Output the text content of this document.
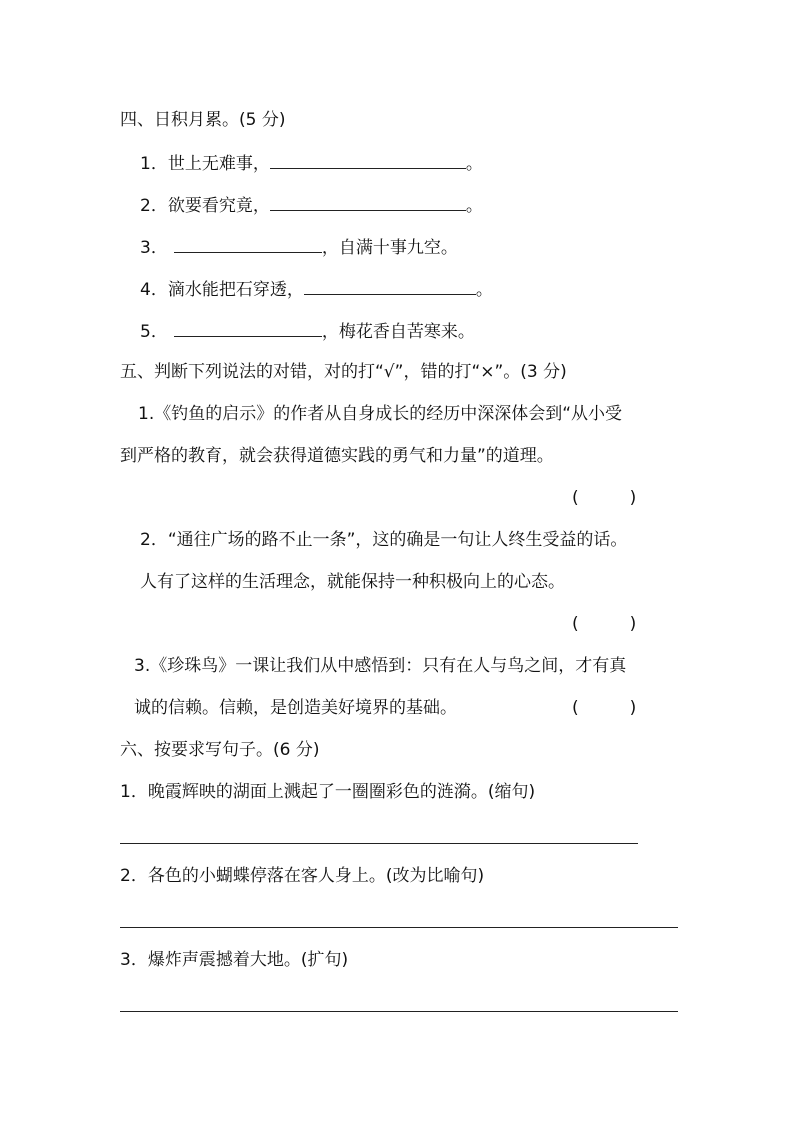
四、日积月累。(5 分)
1．世上无难事，	。
2．欲要看究竟，	。
3．	，自满十事九空。
4．滴水能把石穿透，	。
5．	，梅花香自苦寒来。
五、判断下列说法的对错，对的打“√”，错的打“×”。(3 分)
1.《钓鱼的启示》的作者从自身成长的经历中深深体会到“从小受
到严格的教育，就会获得道德实践的勇气和力量”的道理。
(　　　)
2．“通往广场的路不止一条”，这的确是一句让人终生受益的话。
人有了这样的生活理念，就能保持一种积极向上的心态。
(　　　)
3.《珍珠鸟》一课让我们从中感悟到：只有在人与鸟之间，才有真
诚的信赖。信赖，是创造美好境界的基础。	(　　　)
六、按要求写句子。(6 分)
1．晚霞辉映的湖面上溅起了一圈圈彩色的涟漪。(缩句)
2．各色的小蝴蝶停落在客人身上。(改为比喻句)
3．爆炸声震撼着大地。(扩句)
